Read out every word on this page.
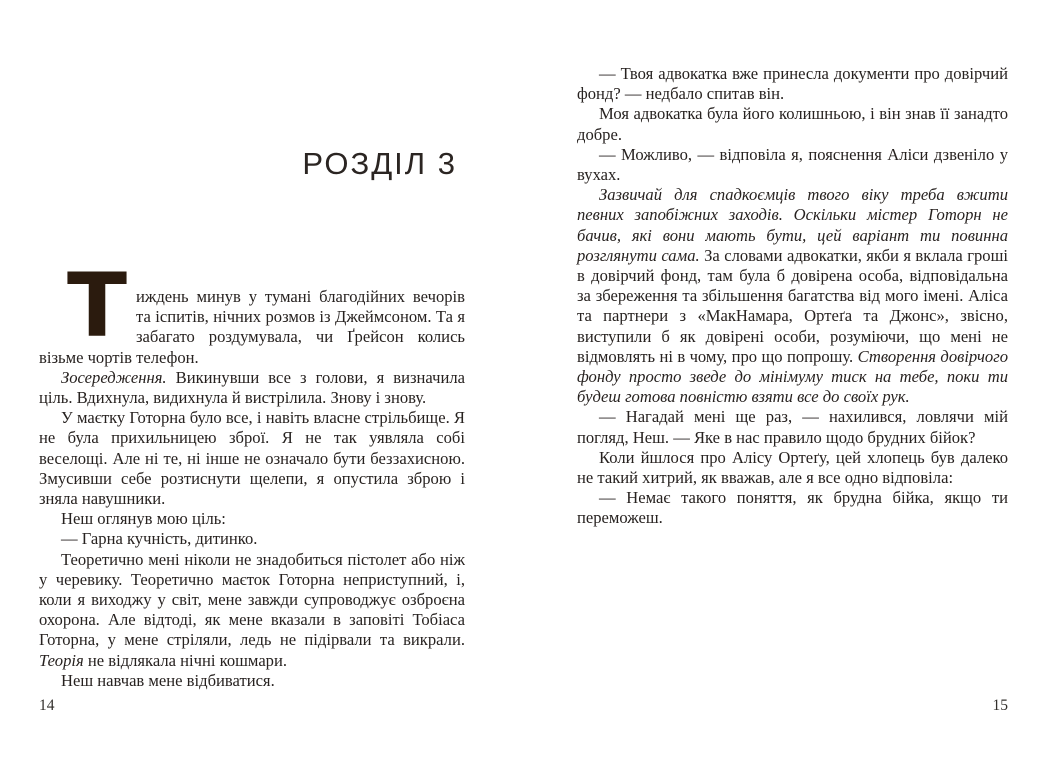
РОЗДІЛ 3
Т иждень минув у тумані благодійних вечорів та іспитів, нічних розмов із Джеймсоном. Та я забагато роздумувала, чи Ґрейсон колись візьме чортів телефон.

Зосередження. Викинувши все з голови, я визначила ціль. Вдихнула, видихнула й вистрілила. Знову і знову.

У маєтку Готорна було все, і навіть власне стрільбище. Я не була прихильницею зброї. Я не так уявляла собі веселощі. Але ні те, ні інше не означало бути беззахисною. Змусивши себе розтиснути щелепи, я опустила зброю і зняла навушники.

Неш оглянув мою ціль:

— Гарна кучність, дитинко.

Теоретично мені ніколи не знадобиться пістолет або ніж у черевику. Теоретично маєток Готорна неприступний, і, коли я виходжу у світ, мене завжди супроводжує озброєна охорона. Але відтоді, як мене вказали в заповіті Тобіаса Готорна, у мене стріляли, ледь не підірвали та викрали. Теорія не відлякала нічні кошмари.

Неш навчав мене відбиватися.

14

— Твоя адвокатка вже принесла документи про довірчий фонд? — недбало спитав він.

Моя адвокатка була його колишньою, і він знав її занадто добре.

— Можливо, — відповіла я, пояснення Аліси дзвеніло у вухах.

Зазвичай для спадкоємців твого віку треба вжити певних запобіжних заходів. Оскільки містер Готорн не бачив, які вони мають бути, цей варіант ти повинна розглянути сама. За словами адвокатки, якби я вклала гроші в довірчий фонд, там була б довірена особа, відповідальна за збереження та збільшення багатства від мого імені. Аліса та партнери з «МакНамара, Ортеґа та Джонс», звісно, виступили б як довірені особи, розуміючи, що мені не відмовлять ні в чому, про що попрошу. Створення довірчого фонду просто зведе до мінімуму тиск на тебе, поки ти будеш готова повністю взяти все до своїх рук.

— Нагадай мені ще раз, — нахилився, ловлячи мій погляд, Неш. — Яке в нас правило щодо брудних бійок?

Коли йшлося про Алісу Ортеґу, цей хлопець був далеко не такий хитрий, як вважав, але я все одно відповіла:

— Немає такого поняття, як брудна бійка, якщо ти переможеш.

15
